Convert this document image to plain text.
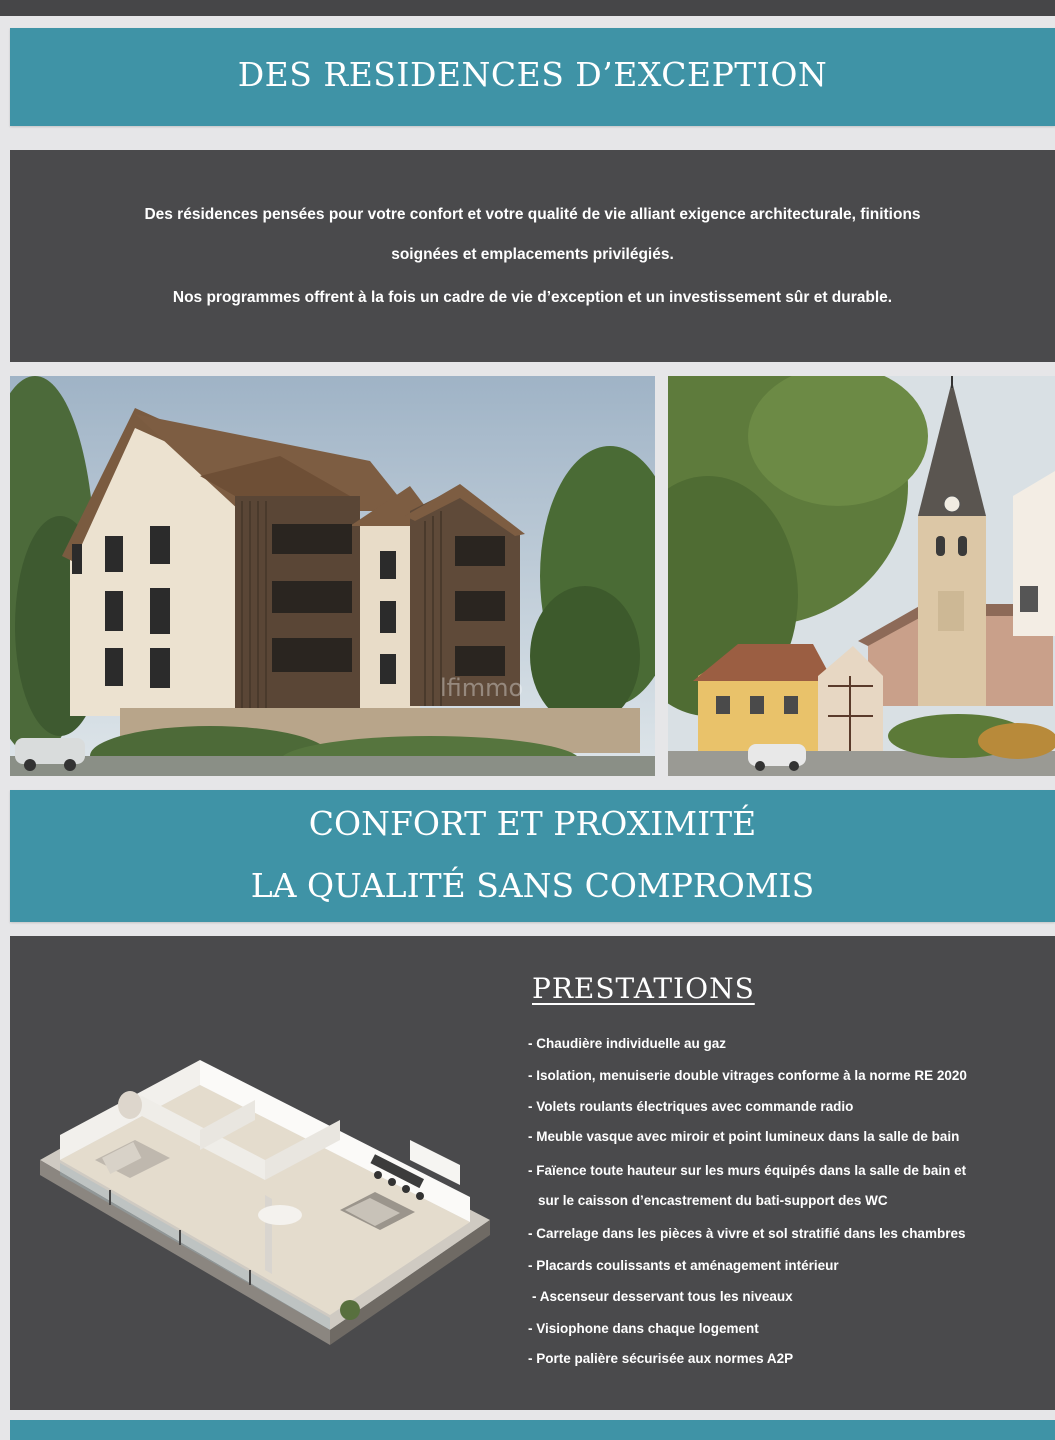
DES RESIDENCES D’EXCEPTION

Des résidences pensées pour votre confort et votre qualité de vie alliant exigence architecturale, finitions

soignées et emplacements privilégiés.

Nos programmes offrent à la fois un cadre de vie d’exception et un investissement sûr et durable.

lfimmo
CONFORT ET PROXIMITÉ
LA QUALITÉ SANS COMPROMIS
PRESTATIONS
- Chaudière individuelle au gaz
- Isolation, menuiserie double vitrages conforme à la norme RE 2020
- Volets roulants électriques avec commande radio
- Meuble vasque avec miroir et point lumineux dans la salle de bain
- Faïence toute hauteur sur les murs équipés dans la salle de bain et
sur le caisson d’encastrement du bati-support des WC
- Carrelage dans les pièces à vivre et sol stratifié dans les chambres
- Placards coulissants et aménagement intérieur
- Ascenseur desservant tous les niveaux
- Visiophone dans chaque logement
- Porte palière sécurisée aux normes A2P
